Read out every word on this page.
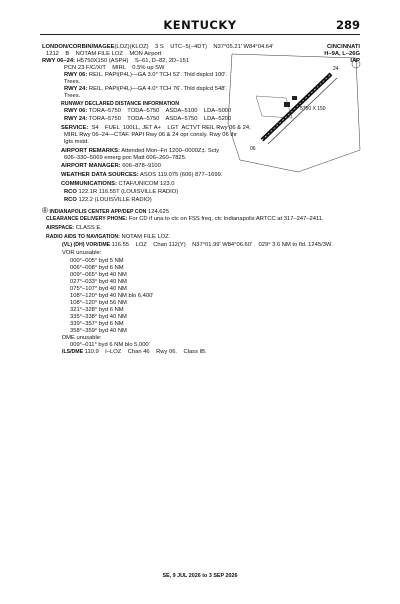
KENTUCKY	289
LONDON/CORBIN/MAGEE(LOZ)(KLOZ)    3 S    UTC−5(−4DT)    N37°05.21′ W84°04.64′	CINCINNATI
H–9A, L–26G
IAP
1212    B    NOTAM FILE LOZ    MON Airport
RWY 06–24: H5750X150 (ASPH)    S–61, D–82, 2D–151
PCN 23 F/C/X/T    MIRL    0.5% up SW
RWY 06: REIL. PAPI(P4L)—GA 3.0° TCH 52′. Thld dsplcd 100′.
Trees.
RWY 24: REIL. PAPI(P4L)—GA 4.0° TCH 76′. Thld dsplcd 548′.
Trees.
RUNWAY DECLARED DISTANCE INFORMATION
RWY 06: TORA–5750    TODA–5750    ASDA–5100    LDA–5000
RWY 24: TORA–5750    TODA–5750    ASDA–5750    LDA–5200
SERVICE:  S4    FUEL  100LL, JET A+    LGT  ACTVT REIL Rwy 06 & 24;
MIRL Rwy 06–24—CTAF. PAPI Rwy 06 & 24 opr consly. Rwy 06 thr
lgts mstd.
AIRPORT REMARKS: Attended Mon–Fri 1200–0000Z‡. Scty
606–330–5069 emerg poc Matt 606–260–7825.
AIRPORT MANAGER: 606–878–9100
WEATHER DATA SOURCES: ASOS 119.075 (606) 877–1699.
COMMUNICATIONS: CTAF/UNICOM 123.0
RCO 122.1R 116.55T (LOUISVILLE RADIO)
RCO 122.2 (LOUISVILLE RADIO)
® INDIANAPOLIS CENTER APP/DEP CON 124.625
CLEARANCE DELIVERY PHONE: For CD if una to ctc on FSS freq, ctc Indianapolis ARTCC at 317–247–2411.
AIRSPACE: CLASS E.
RADIO AIDS TO NAVIGATION: NOTAM FILE LOZ.
(VL) (DH) VOR/DME 116.55    LOZ    Chan 112(Y)    N37°01.99′ W84°06.60′    029° 3.6 NM to fld. 1245/3W.
VOR unusable:
000°–005° byd 5 NM
006°–008° byd 6 NM
009°–065° byd 40 NM
027°–033° byd 40 NM
075°–107° byd 40 NM
108°–120° byd 40 NM blo 6,400′
108°–120° byd 56 NM
321°–328° byd 6 NM
335°–338° byd 40 NM
339°–357° byd 6 NM
358°–359° byd 40 NM
DME unusable:
009°–011° byd 6 NM blo 5,000′
ILS/DME 110.9    I–LOZ    Chan 46    Rwy 06.    Class IB.
5750 X 150
06
24
SE, 9 JUL 2026 to 3 SEP 2026
